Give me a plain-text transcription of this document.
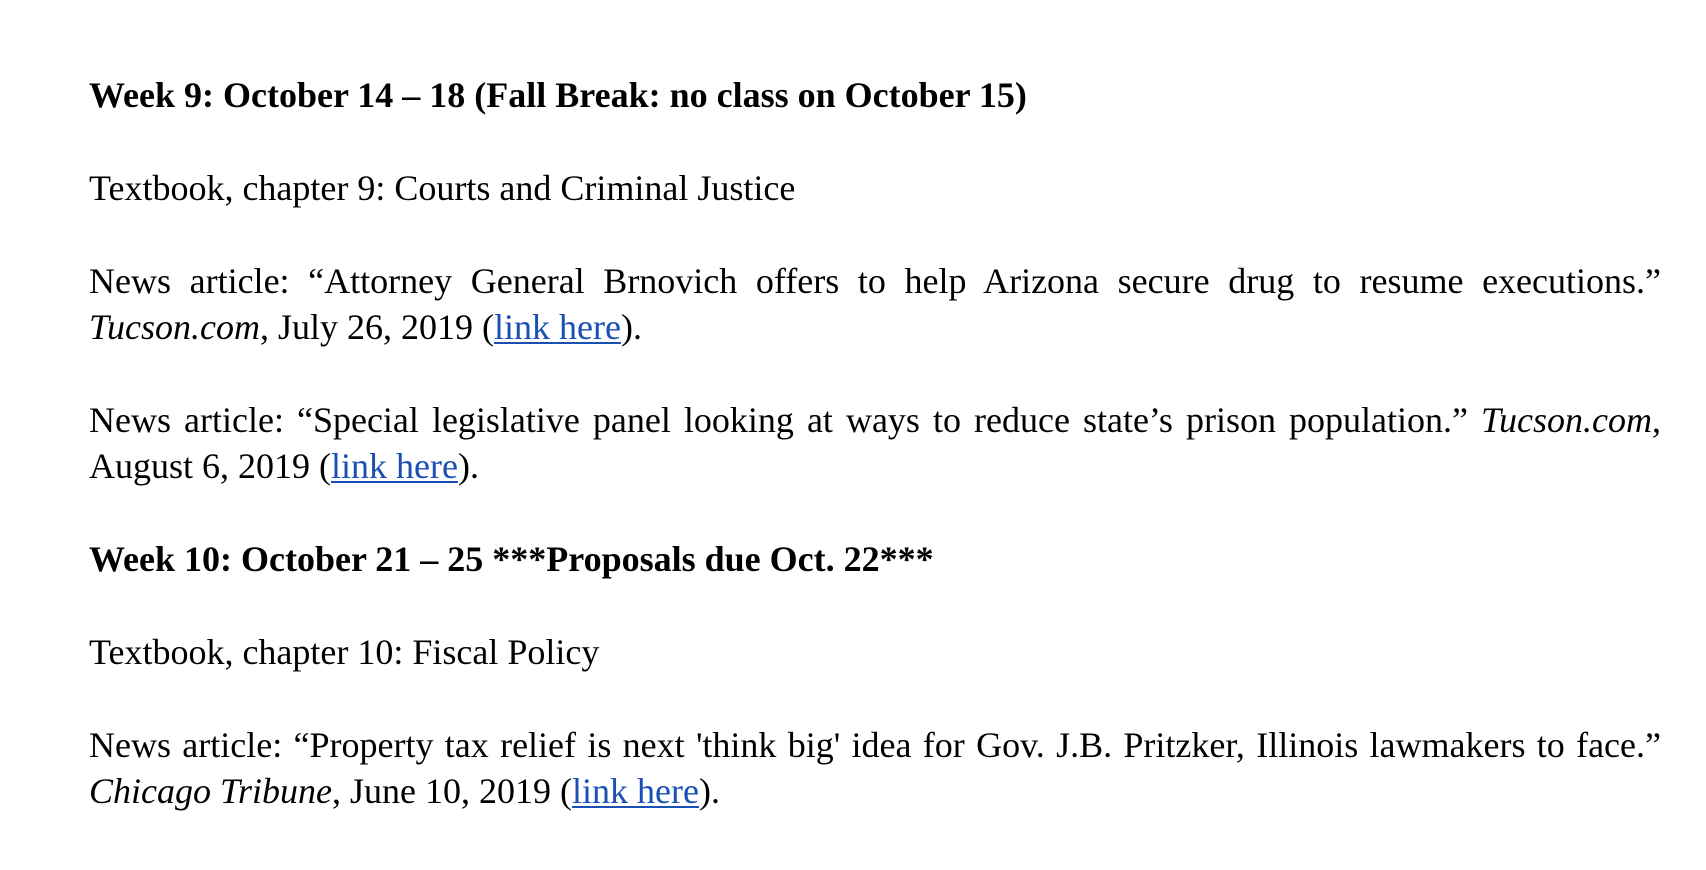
Week 9: October 14 – 18 (Fall Break: no class on October 15)
Textbook, chapter 9: Courts and Criminal Justice
News article: “Attorney General Brnovich offers to help Arizona secure drug to resume executions.” Tucson.com, July 26, 2019 (link here).
News article: “Special legislative panel looking at ways to reduce state’s prison population.” Tucson.com, August 6, 2019 (link here).
Week 10: October 21 – 25 ***Proposals due Oct. 22***
Textbook, chapter 10: Fiscal Policy
News article: “Property tax relief is next 'think big' idea for Gov. J.B. Pritzker, Illinois lawmakers to face.” Chicago Tribune, June 10, 2019 (link here).
